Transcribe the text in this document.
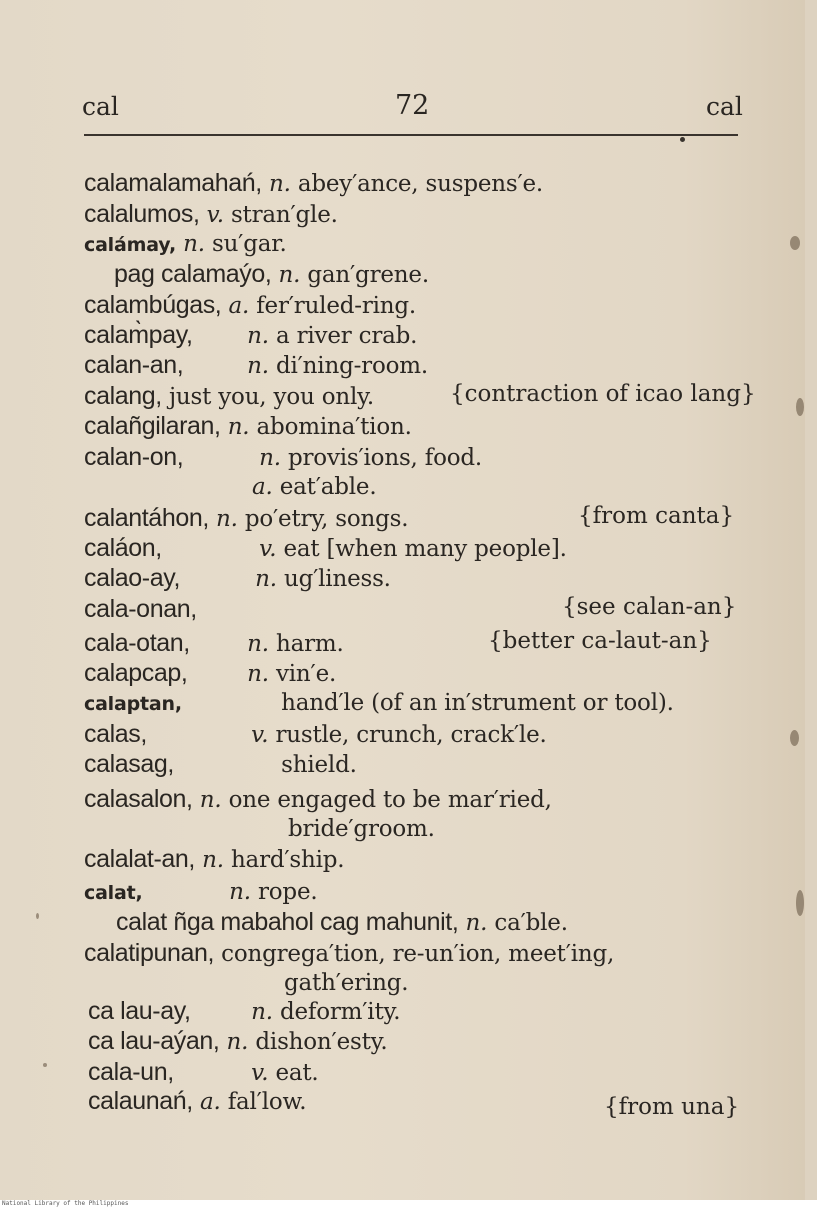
cal	72	cal
calamalamahań, n. abey′ance, suspens′e.
calalumos, v. stran′gle.
calámay, n. su′gar.
pag calamaýo, n. gan′grene.
calambúgas, a. fer′ruled-ring.
calam̀pay, n. a river crab.
calan-an,	n. di′ning-room.
calang, just you, you only.	{contraction of icao lang}
calañgilaran, n. abomina′tion.
calan-on,	n. provis′ions, food.
a. eat′able.
calantáhon, n. po′etry, songs.	{from canta}
caláon,	v. eat [when many people].
calao-ay,	n. ug′liness.
cala-onan,	{see calan-an}
cala-otan, n. harm.	{better ca-laut-an}
calapcap,	n. vin′e.
calaptan,	hand′le (of an in′strument or tool).
calas,	v. rustle, crunch, crack′le.
calasag,	shield.
calasalon, n. one engaged to be mar′ried,
bride′groom.
calalat-an, n. hard′ship.
calat,	n. rope.
calat ñga mabahol cag mahunit, n. ca′ble.
calatipunan, congrega′tion, re-un′ion, meet′ing,
gath′ering.
ca lau-ay,	n. deform′ity.
ca lau-aýan, n. dishon′esty.
cala-un,	v. eat.
calaunań, a. fal′low.	{from una}
National Library of the Philippines
